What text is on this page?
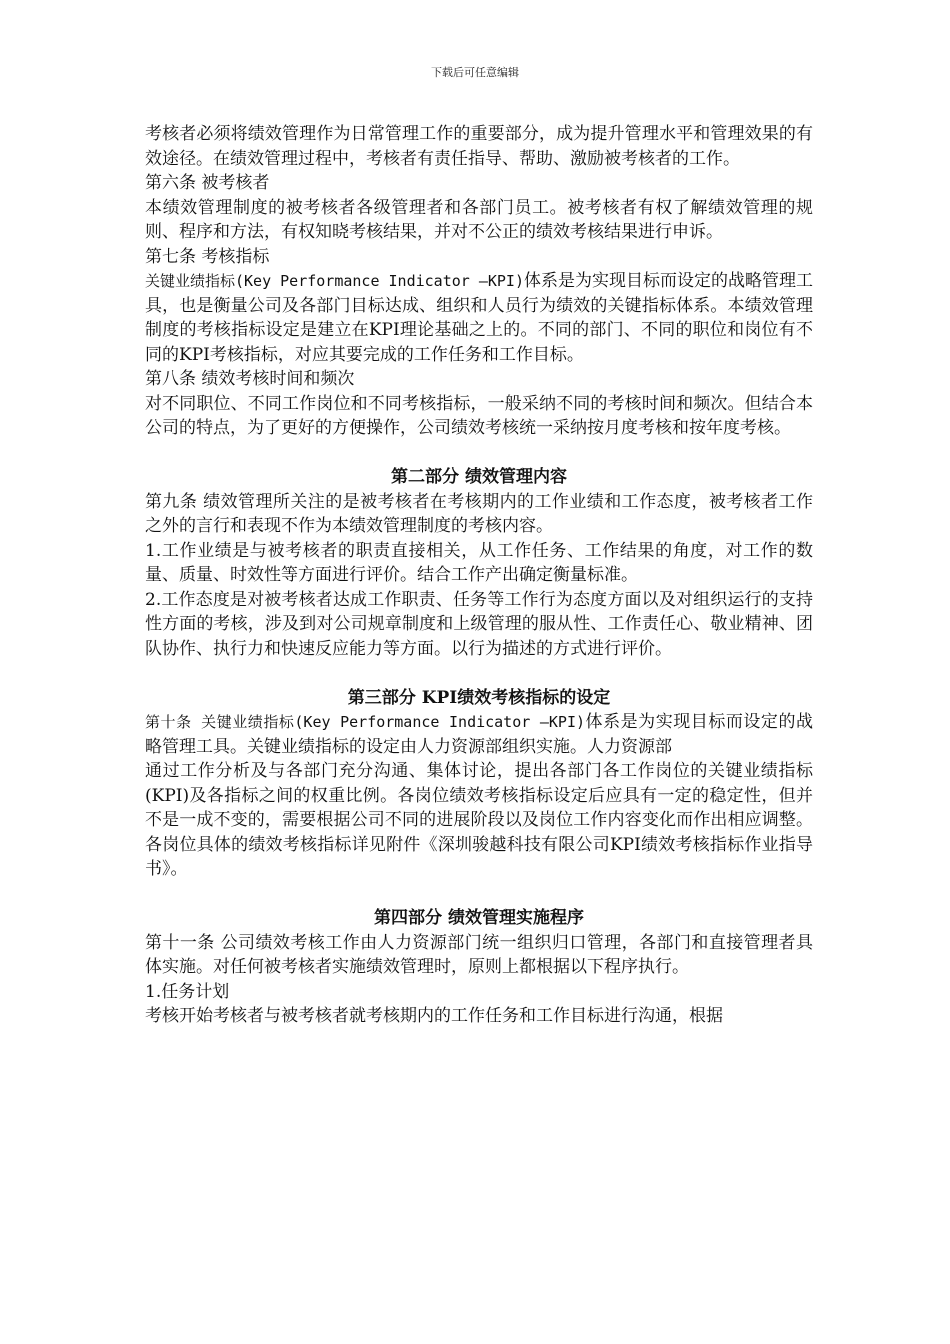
下载后可任意编辑

考核者必须将绩效管理作为日常管理工作的重要部分，成为提升管理水平和管理效果的有效途径。在绩效管理过程中，考核者有责任指导、帮助、激励被考核者的工作。

第六条 被考核者

本绩效管理制度的被考核者各级管理者和各部门员工。被考核者有权了解绩效管理的规则、程序和方法，有权知晓考核结果，并对不公正的绩效考核结果进行申诉。

第七条 考核指标

关键业绩指标(Key Performance Indicator —KPI)体系是为实现目标而设定的战略管理工具，也是衡量公司及各部门目标达成、组织和人员行为绩效的关键指标体系。本绩效管理制度的考核指标设定是建立在KPI理论基础之上的。不同的部门、不同的职位和岗位有不同的KPI考核指标，对应其要完成的工作任务和工作目标。

第八条 绩效考核时间和频次

对不同职位、不同工作岗位和不同考核指标，一般采纳不同的考核时间和频次。但结合本公司的特点，为了更好的方便操作，公司绩效考核统一采纳按月度考核和按年度考核。

第二部分 绩效管理内容

第九条 绩效管理所关注的是被考核者在考核期内的工作业绩和工作态度，被考核者工作之外的言行和表现不作为本绩效管理制度的考核内容。

1.工作业绩是与被考核者的职责直接相关，从工作任务、工作结果的角度，对工作的数量、质量、时效性等方面进行评价。结合工作产出确定衡量标准。

2.工作态度是对被考核者达成工作职责、任务等工作行为态度方面以及对组织运行的支持性方面的考核，涉及到对公司规章制度和上级管理的服从性、工作责任心、敬业精神、团队协作、执行力和快速反应能力等方面。以行为描述的方式进行评价。

第三部分 KPI绩效考核指标的设定

第十条 关键业绩指标(Key Performance Indicator —KPI)体系是为实现目标而设定的战略管理工具。关键业绩指标的设定由人力资源部组织实施。人力资源部

通过工作分析及与各部门充分沟通、集体讨论，提出各部门各工作岗位的关键业绩指标(KPI)及各指标之间的权重比例。各岗位绩效考核指标设定后应具有一定的稳定性，但并不是一成不变的，需要根据公司不同的进展阶段以及岗位工作内容变化而作出相应调整。各岗位具体的绩效考核指标详见附件《深圳骏越科技有限公司KPI绩效考核指标作业指导书》。

第四部分 绩效管理实施程序

第十一条 公司绩效考核工作由人力资源部门统一组织归口管理，各部门和直接管理者具体实施。对任何被考核者实施绩效管理时，原则上都根据以下程序执行。

1.任务计划

考核开始考核者与被考核者就考核期内的工作任务和工作目标进行沟通，根据
